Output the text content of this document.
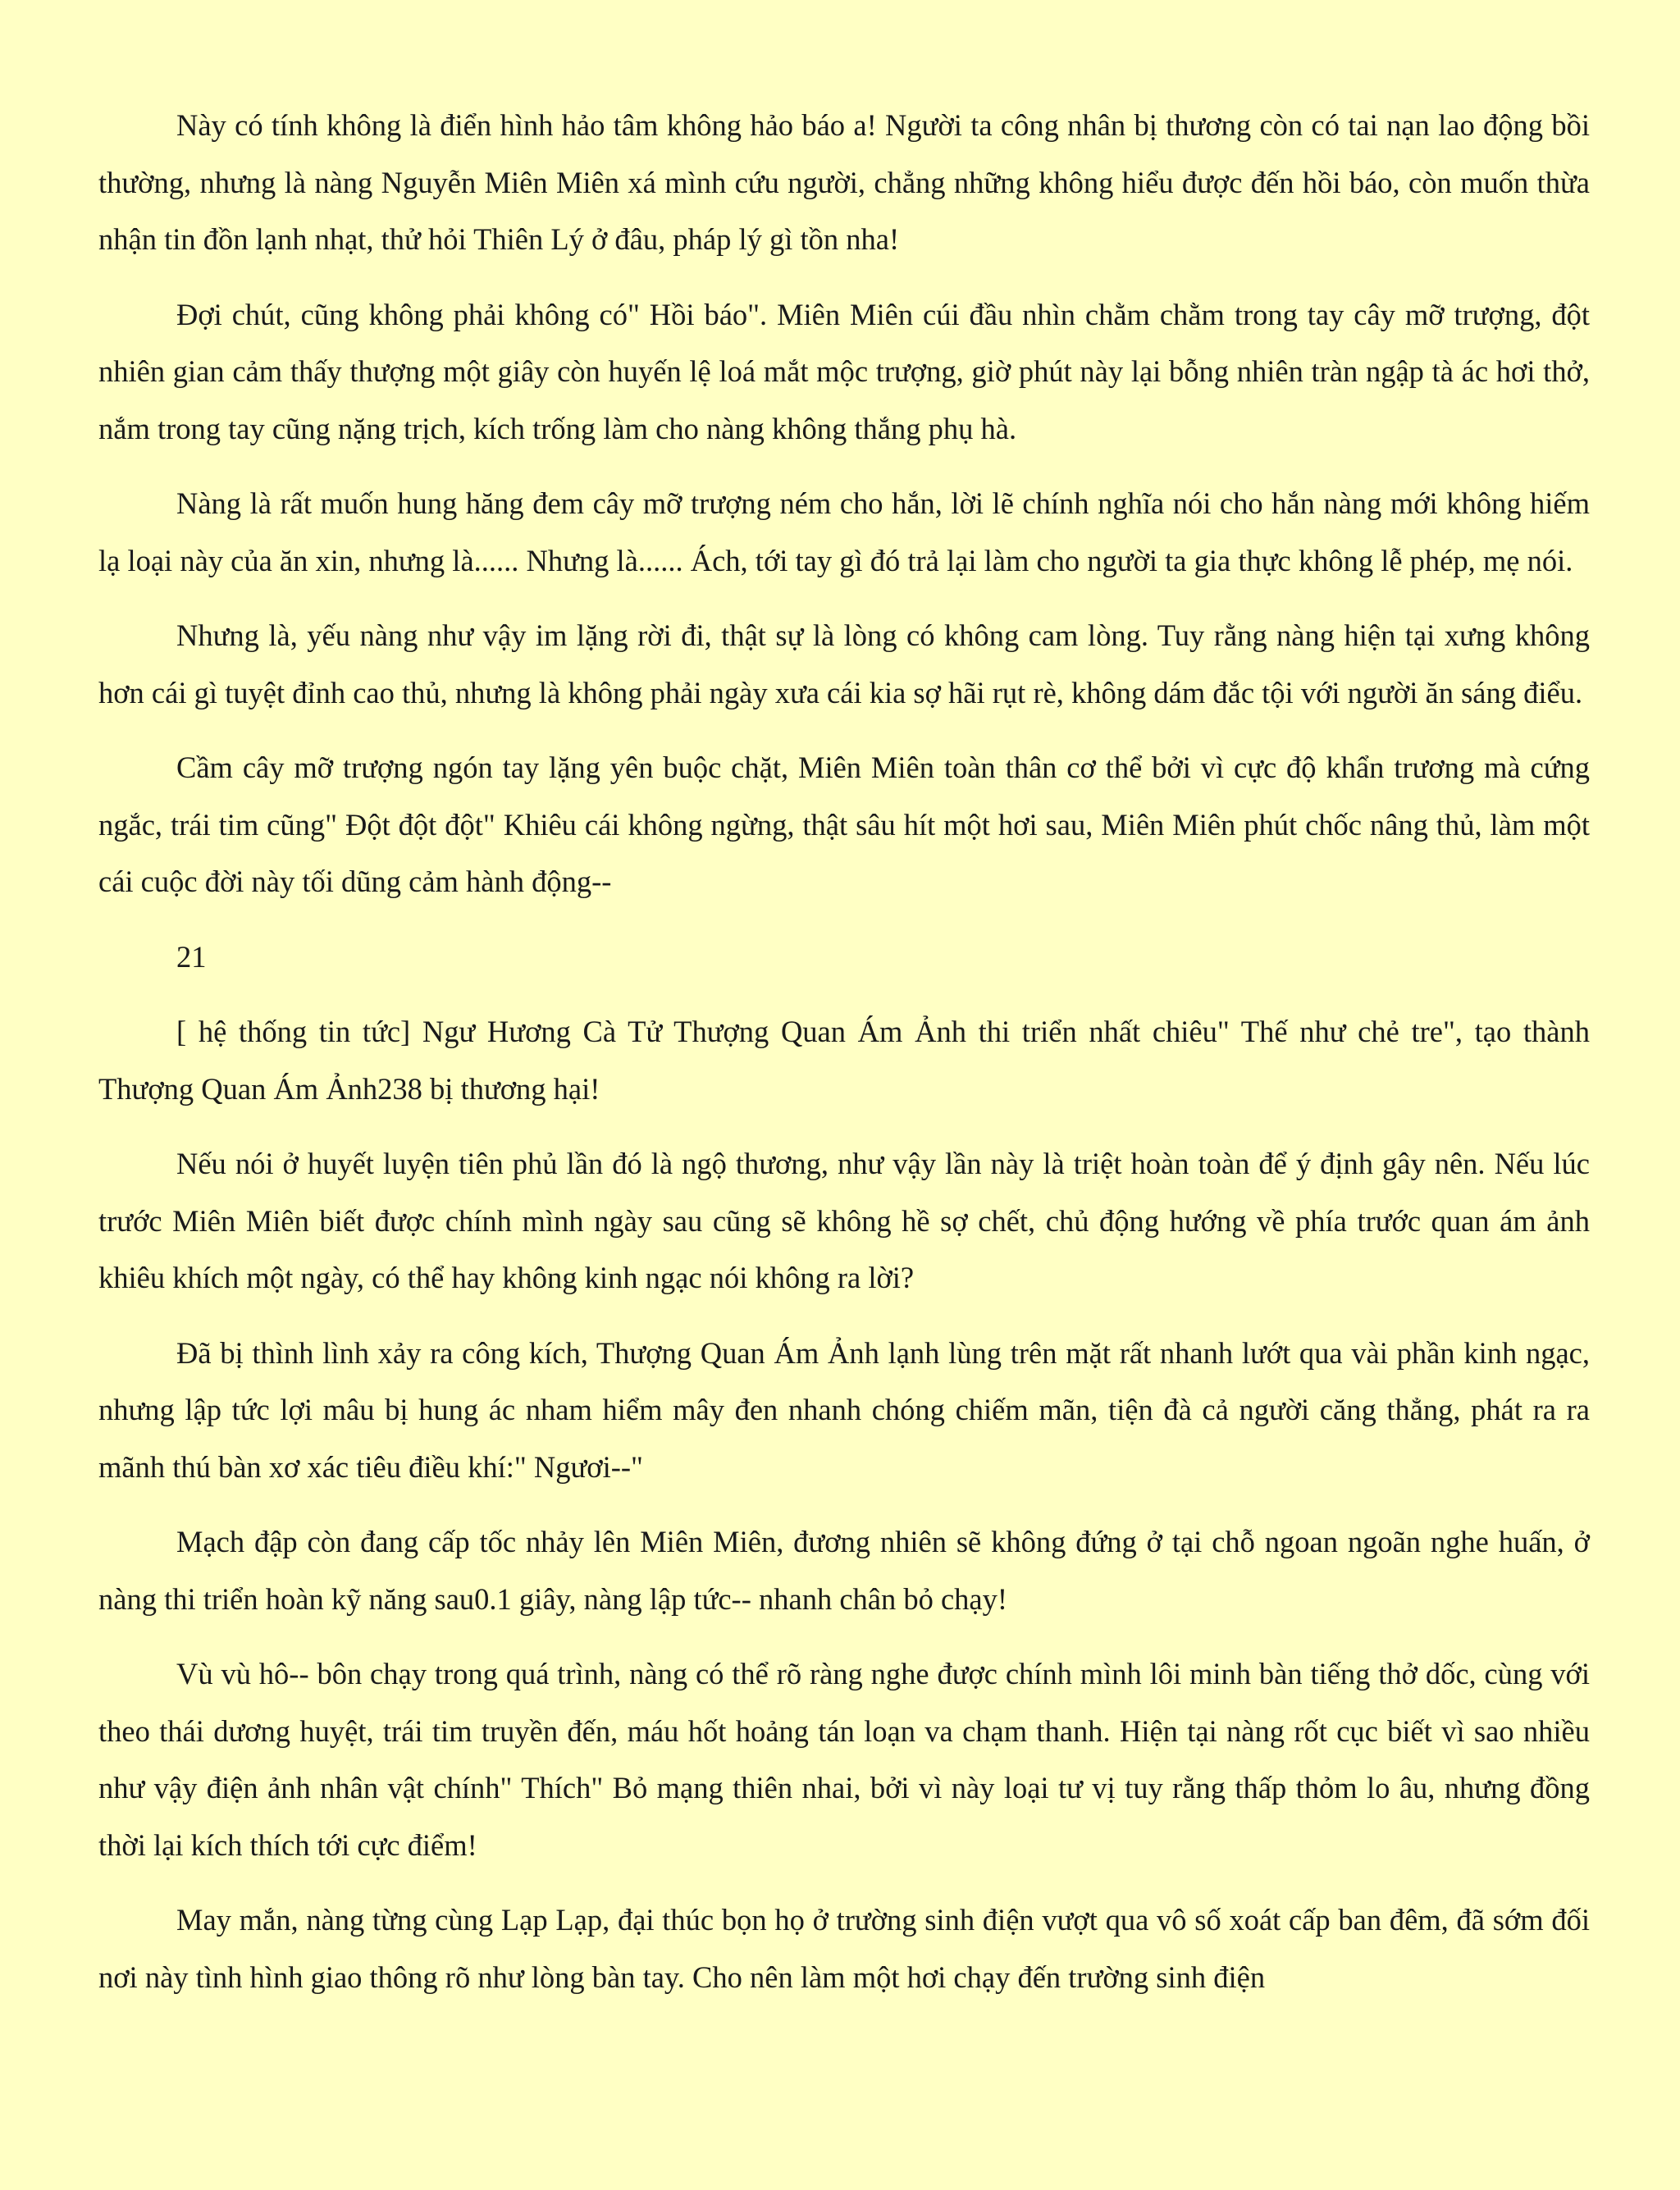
Này có tính không là điển hình hảo tâm không hảo báo a! Người ta công nhân bị thương còn có tai nạn lao động bồi thường, nhưng là nàng Nguyễn Miên Miên xá mình cứu người, chẳng những không hiểu được đến hồi báo, còn muốn thừa nhận tin đồn lạnh nhạt, thử hỏi Thiên Lý ở đâu, pháp lý gì tồn nha!

Đợi chút, cũng không phải không có" Hồi báo". Miên Miên cúi đầu nhìn chằm chằm trong tay cây mỡ trượng, đột nhiên gian cảm thấy thượng một giây còn huyến lệ loá mắt mộc trượng, giờ phút này lại bỗng nhiên tràn ngập tà ác hơi thở, nắm trong tay cũng nặng trịch, kích trống làm cho nàng không thắng phụ hà.

Nàng là rất muốn hung hăng đem cây mỡ trượng ném cho hắn, lời lẽ chính nghĩa nói cho hắn nàng mới không hiếm lạ loại này của ăn xin, nhưng là...... Nhưng là...... Ách, tới tay gì đó trả lại làm cho người ta gia thực không lễ phép, mẹ nói.

Nhưng là, yếu nàng như vậy im lặng rời đi, thật sự là lòng có không cam lòng. Tuy rằng nàng hiện tại xưng không hơn cái gì tuyệt đỉnh cao thủ, nhưng là không phải ngày xưa cái kia sợ hãi rụt rè, không dám đắc tội với người ăn sáng điểu.

Cầm cây mỡ trượng ngón tay lặng yên buộc chặt, Miên Miên toàn thân cơ thể bởi vì cực độ khẩn trương mà cứng ngắc, trái tim cũng" Đột đột đột" Khiêu cái không ngừng, thật sâu hít một hơi sau, Miên Miên phút chốc nâng thủ, làm một cái cuộc đời này tối dũng cảm hành động--

21

[ hệ thống tin tức] Ngư Hương Cà Tử Thượng Quan Ám Ảnh thi triển nhất chiêu" Thế như chẻ tre", tạo thành Thượng Quan Ám Ảnh238 bị thương hại!

Nếu nói ở huyết luyện tiên phủ lần đó là ngộ thương, như vậy lần này là triệt hoàn toàn để ý định gây nên. Nếu lúc trước Miên Miên biết được chính mình ngày sau cũng sẽ không hề sợ chết, chủ động hướng về phía trước quan ám ảnh khiêu khích một ngày, có thể hay không kinh ngạc nói không ra lời?

Đã bị thình lình xảy ra công kích, Thượng Quan Ám Ảnh lạnh lùng trên mặt rất nhanh lướt qua vài phần kinh ngạc, nhưng lập tức lợi mâu bị hung ác nham hiểm mây đen nhanh chóng chiếm mãn, tiện đà cả người căng thẳng, phát ra ra mãnh thú bàn xơ xác tiêu điều khí:" Ngươi--"

Mạch đập còn đang cấp tốc nhảy lên Miên Miên, đương nhiên sẽ không đứng ở tại chỗ ngoan ngoãn nghe huấn, ở nàng thi triển hoàn kỹ năng sau0.1 giây, nàng lập tức-- nhanh chân bỏ chạy!

Vù vù hô-- bôn chạy trong quá trình, nàng có thể rõ ràng nghe được chính mình lôi minh bàn tiếng thở dốc, cùng với theo thái dương huyệt, trái tim truyền đến, máu hốt hoảng tán loạn va chạm thanh. Hiện tại nàng rốt cục biết vì sao nhiều như vậy điện ảnh nhân vật chính" Thích" Bỏ mạng thiên nhai, bởi vì này loại tư vị tuy rằng thấp thỏm lo âu, nhưng đồng thời lại kích thích tới cực điểm!

May mắn, nàng từng cùng Lạp Lạp, đại thúc bọn họ ở trường sinh điện vượt qua vô số xoát cấp ban đêm, đã sớm đối nơi này tình hình giao thông rõ như lòng bàn tay. Cho nên làm một hơi chạy đến trường sinh điện
